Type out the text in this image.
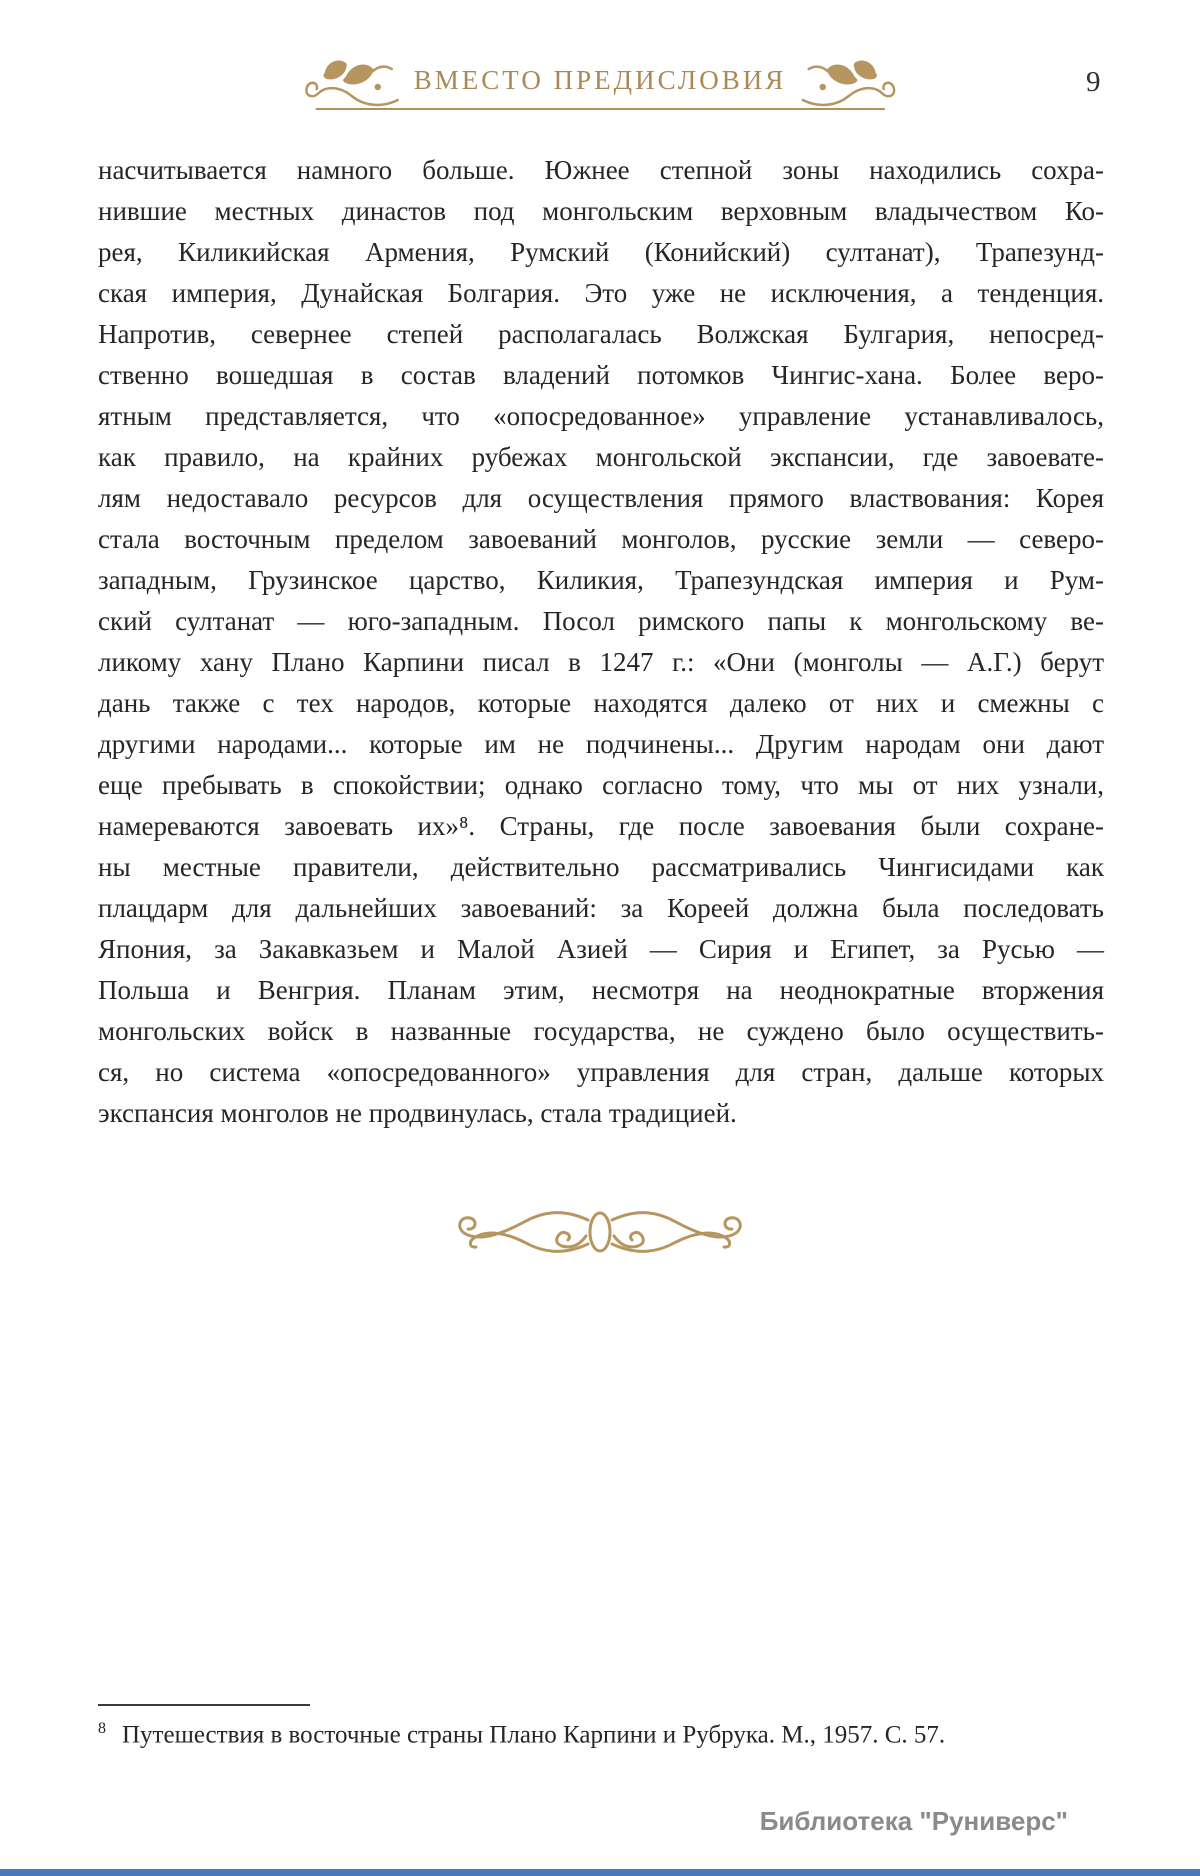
ВМЕСТО ПРЕДИСЛОВИЯ	9
насчитывается намного больше. Южнее степной зоны находились сохра-
нившие местных династов под монгольским верховным владычеством Ко-
рея, Киликийская Армения, Румский (Конийский) султанат), Трапезунд-
ская империя, Дунайская Болгария. Это уже не исключения, а тенденция.
Напротив, севернее степей располагалась Волжская Булгария, непосред-
ственно вошедшая в состав владений потомков Чингис-хана. Более веро-
ятным представляется, что «опосредованное» управление устанавливалось,
как правило, на крайних рубежах монгольской экспансии, где завоевате-
лям недоставало ресурсов для осуществления прямого властвования: Корея
стала восточным пределом завоеваний монголов, русские земли — северо-
западным, Грузинское царство, Киликия, Трапезундская империя и Рум-
ский султанат — юго-западным. Посол римского папы к монгольскому ве-
ликому хану Плано Карпини писал в 1247 г.: «Они (монголы — А.Г.) берут
дань также с тех народов, которые находятся далеко от них и смежны с
другими народами... которые им не подчинены... Другим народам они дают
еще пребывать в спокойствии; однако согласно тому, что мы от них узнали,
намереваются завоевать их»⁸. Страны, где после завоевания были сохране-
ны местные правители, действительно рассматривались Чингисидами как
плацдарм для дальнейших завоеваний: за Кореей должна была последовать
Япония, за Закавказьем и Малой Азией — Сирия и Египет, за Русью —
Польша и Венгрия. Планам этим, несмотря на неоднократные вторжения
монгольских войск в названные государства, не суждено было осуществить-
ся, но система «опосредованного» управления для стран, дальше которых
экспансия монголов не продвинулась, стала традицией.
$^8$ Путешествия в восточные страны Плано Карпини и Рубрука. М., 1957. С. 57.
Библиотека "Руниверс"
